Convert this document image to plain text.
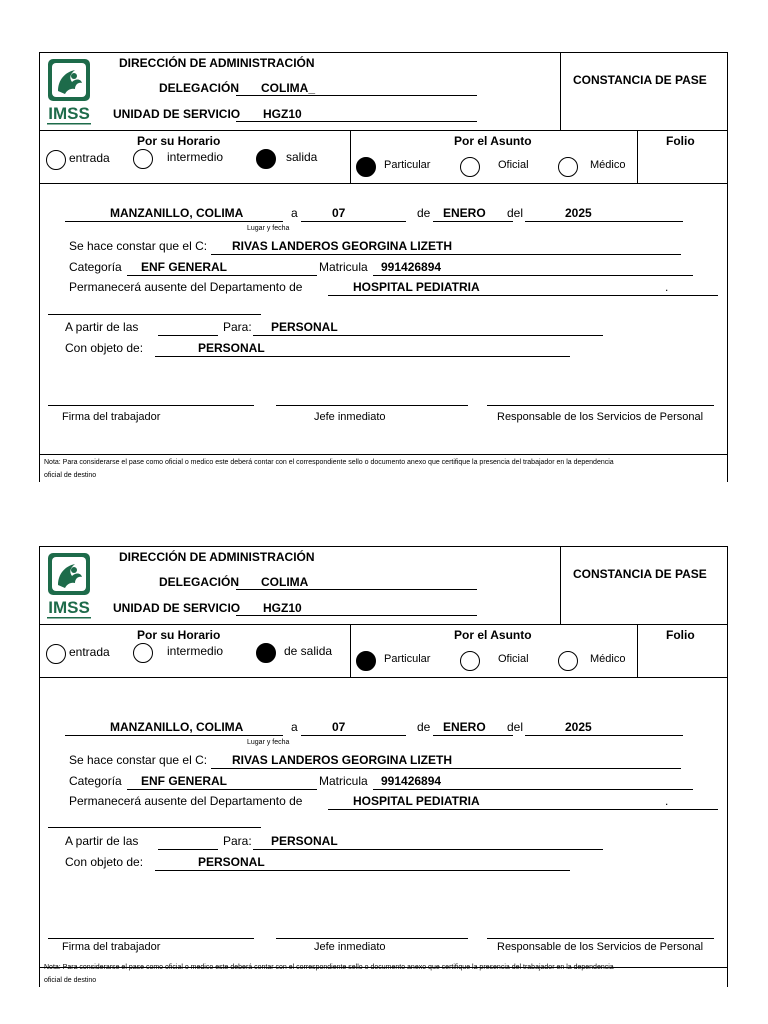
IMSS
DIRECCIÓN DE ADMINISTRACIÓN
DELEGACIÓN COLIMA_
UNIDAD DE SERVICIO HGZ10
CONSTANCIA DE PASE
Por su Horario
entrada	intermedio	salida
Por el Asunto
Particular	Oficial	Médico
Folio
MANZANILLO, COLIMA	a	07	de ENERO del	2025
Lugar y fecha
Se hace constar que el C: RIVAS LANDEROS GEORGINA LIZETH
Categoría ENF GENERAL	Matricula 991426894
Permanecerá ausente del Departamento de	HOSPITAL PEDIATRIA	.
A partir de las	Para: PERSONAL
Con objeto de:	PERSONAL
Firma del trabajador	Jefe inmediato	Responsable de los Servicios de Personal
Nota: Para considerarse el pase como oficial o medico este deberá contar con el correspondiente sello o documento anexo que certifique la presencia del trabajador en la dependencia
oficial de destino
IMSS
DIRECCIÓN DE ADMINISTRACIÓN
DELEGACIÓN COLIMA
UNIDAD DE SERVICIO HGZ10
CONSTANCIA DE PASE
Por su Horario
entrada	intermedio	de salida
Por el Asunto
Particular	Oficial	Médico
Folio
MANZANILLO, COLIMA	a	07	de ENERO del	2025
Lugar y fecha
Se hace constar que el C: RIVAS LANDEROS GEORGINA LIZETH
Categoría ENF GENERAL	Matricula 991426894
Permanecerá ausente del Departamento de	HOSPITAL PEDIATRIA	.
A partir de las	Para: PERSONAL
Con objeto de:	PERSONAL
Firma del trabajador	Jefe inmediato	Responsable de los Servicios de Personal
Nota: Para considerarse el pase como oficial o medico este deberá contar con el correspondiente sello o documento anexo que certifique la presencia del trabajador en la dependencia
oficial de destino
